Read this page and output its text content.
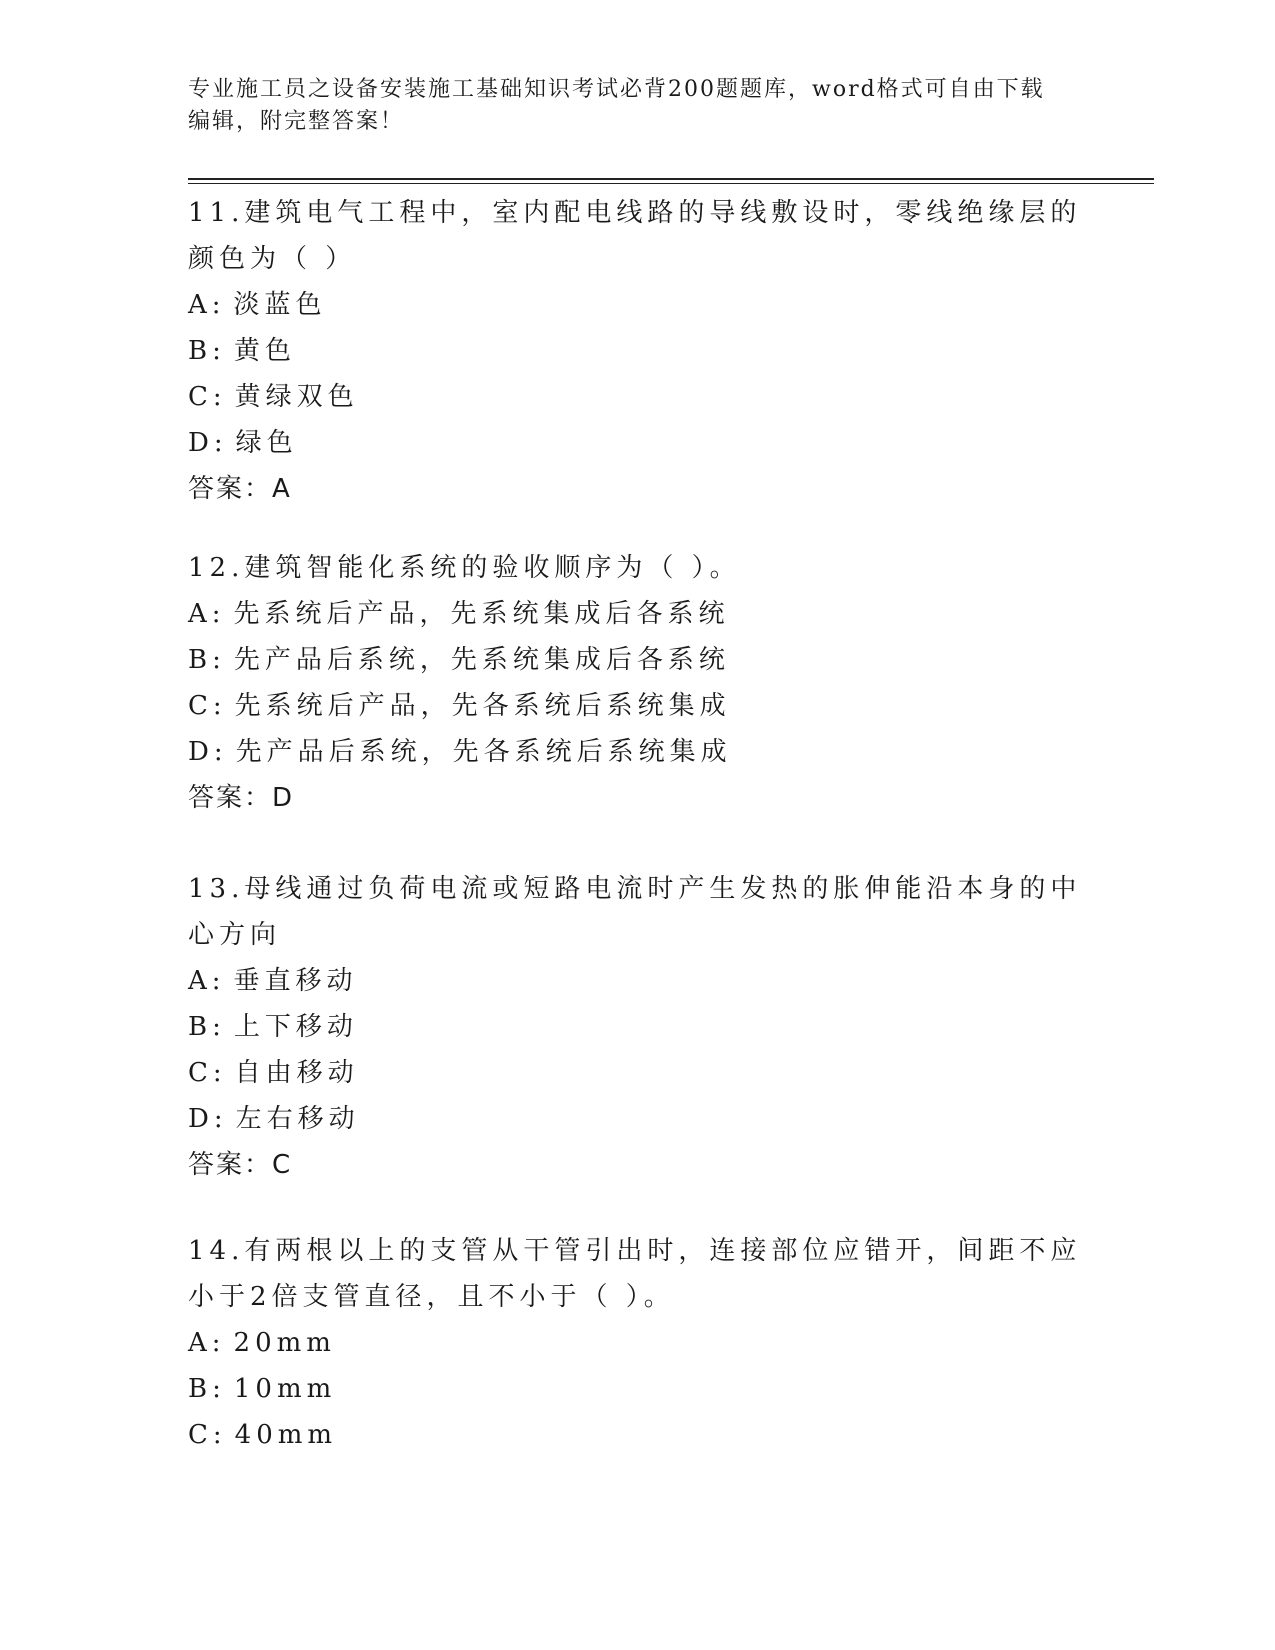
专业施工员之设备安装施工基础知识考试必背200题题库，word格式可自由下载编辑，附完整答案！

11.建筑电气工程中，室内配电线路的导线敷设时，零线绝缘层的颜色为（ ）

A: 淡蓝色

B: 黄色

C: 黄绿双色

D: 绿色

答案：A

12.建筑智能化系统的验收顺序为（ ）。

A: 先系统后产品，先系统集成后各系统

B: 先产品后系统，先系统集成后各系统

C: 先系统后产品，先各系统后系统集成

D: 先产品后系统，先各系统后系统集成

答案：D

13.母线通过负荷电流或短路电流时产生发热的胀伸能沿本身的中心方向

A: 垂直移动

B: 上下移动

C: 自由移动

D: 左右移动

答案：C

14.有两根以上的支管从干管引出时，连接部位应错开，间距不应小于2倍支管直径，且不小于（ ）。

A: 20mm

B: 10mm

C: 40mm
